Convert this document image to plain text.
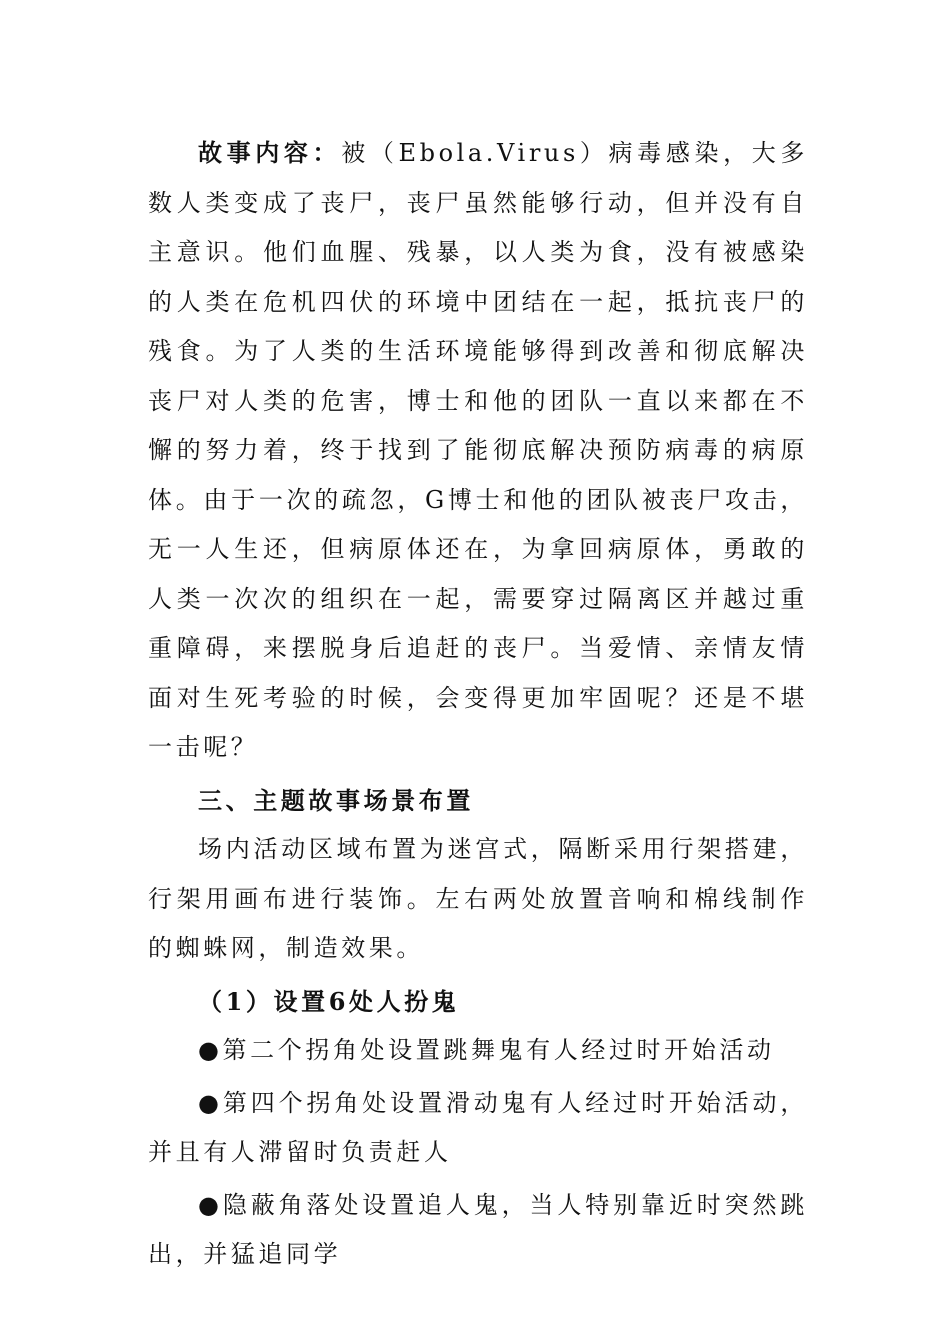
故事内容：被（Ebola.Virus）病毒感染，大多数人类变成了丧尸，丧尸虽然能够行动，但并没有自主意识。他们血腥、残暴，以人类为食，没有被感染的人类在危机四伏的环境中团结在一起，抵抗丧尸的残食。为了人类的生活环境能够得到改善和彻底解决丧尸对人类的危害，博士和他的团队一直以来都在不懈的努力着，终于找到了能彻底解决预防病毒的病原体。由于一次的疏忽，G博士和他的团队被丧尸攻击，无一人生还，但病原体还在，为拿回病原体，勇敢的人类一次次的组织在一起，需要穿过隔离区并越过重重障碍，来摆脱身后追赶的丧尸。当爱情、亲情友情面对生死考验的时候，会变得更加牢固呢？还是不堪一击呢？

三、主题故事场景布置

场内活动区域布置为迷宫式，隔断采用行架搭建，行架用画布进行装饰。左右两处放置音响和棉线制作的蜘蛛网，制造效果。

（1）设置6处人扮鬼

●第二个拐角处设置跳舞鬼有人经过时开始活动

●第四个拐角处设置滑动鬼有人经过时开始活动，并且有人滞留时负责赶人

●隐蔽角落处设置追人鬼，当人特别靠近时突然跳出，并猛追同学
